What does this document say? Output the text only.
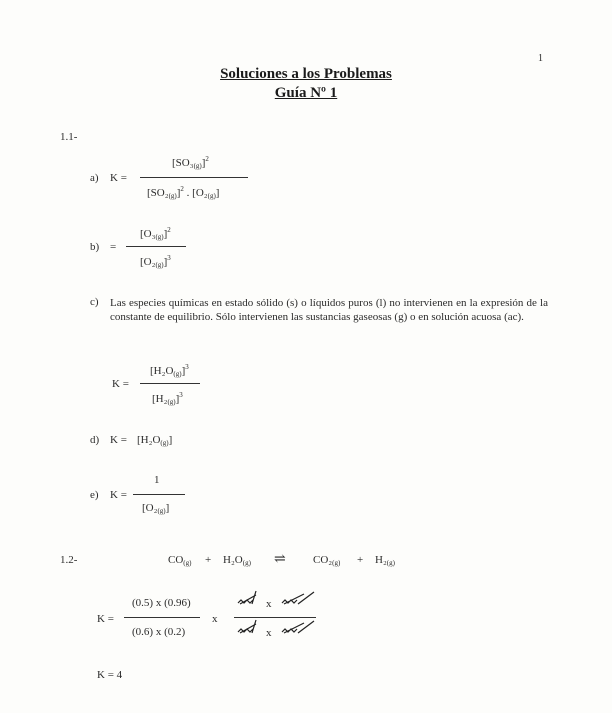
1
Soluciones a los Problemas
Guía Nº 1
1.1-
a) K =
$[SO_3_{(g)}]^2$
$[SO_2_{(g)}]^2$ . $[O_2_{(g)}]$
b) =
$[O_3_{(g)}]^2$
$[O_2_{(g)}]^3$
c) Las especies químicas en estado sólido (s) o líquidos puros (l) no intervienen en la expresión de la constante de equilibrio. Sólo intervienen las sustancias gaseosas (g) o en solución acuosa (ac).
K =
$[H_2O_{(g)}]^3$
$[H_2_{(g)}]^3$
d) $K = [H_2O_{(g)}]$
e) K =
1
$[O_2_{(g)}]$
1.2-	$CO_{(g)} + H_2O_{(g)}$ ⇌ $CO_2_{(g)} + H_2_{(g)}$
K =
(0.5) x (0.96)
(0.6) x (0.2)
x
x
x
K = 4
